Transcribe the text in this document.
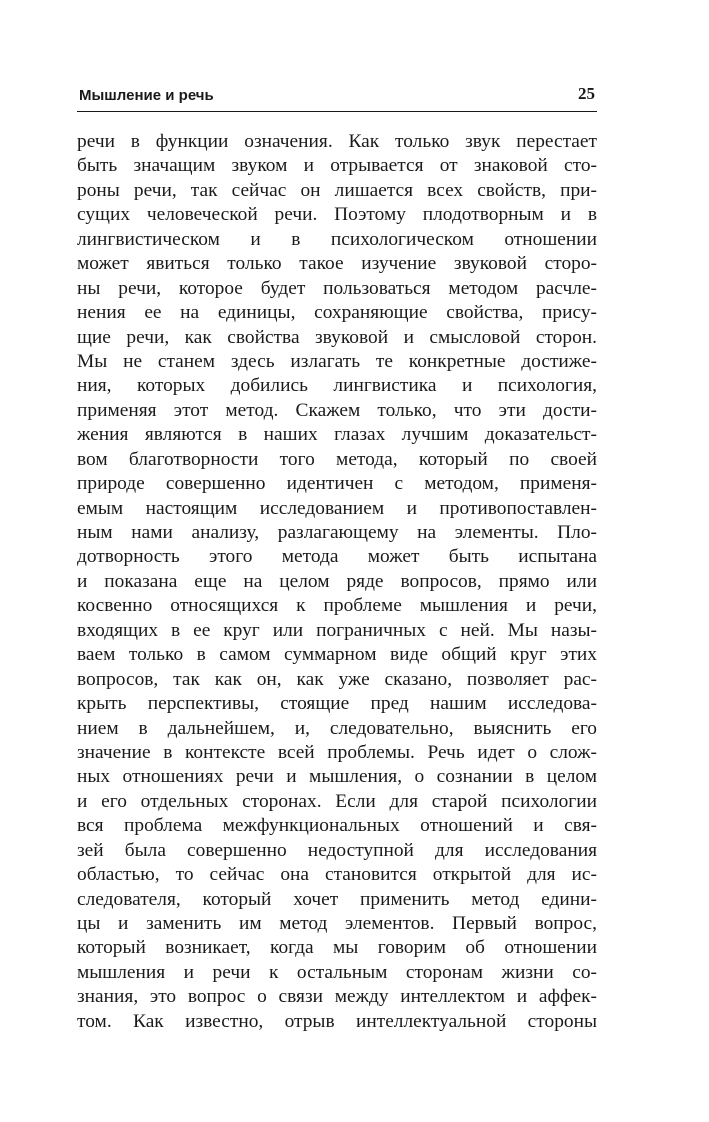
Мышление и речь	25
речи в функции означения. Как только звук перестает
быть значащим звуком и отрывается от знаковой сто-
роны речи, так сейчас он лишается всех свойств, при-
сущих человеческой речи. Поэтому плодотворным и в
лингвистическом и в психологическом отношении
может явиться только такое изучение звуковой сторо-
ны речи, которое будет пользоваться методом расчле-
нения ее на единицы, сохраняющие свойства, прису-
щие речи, как свойства звуковой и смысловой сторон.
Мы не станем здесь излагать те конкретные достиже-
ния, которых добились лингвистика и психология,
применяя этот метод. Скажем только, что эти дости-
жения являются в наших глазах лучшим доказательст-
вом благотворности того метода, который по своей
природе совершенно идентичен с методом, применя-
емым настоящим исследованием и противопоставлен-
ным нами анализу, разлагающему на элементы. Пло-
дотворность этого метода может быть испытана
и показана еще на целом ряде вопросов, прямо или
косвенно относящихся к проблеме мышления и речи,
входящих в ее круг или пограничных с ней. Мы назы-
ваем только в самом суммарном виде общий круг этих
вопросов, так как он, как уже сказано, позволяет рас-
крыть перспективы, стоящие пред нашим исследова-
нием в дальнейшем, и, следовательно, выяснить его
значение в контексте всей проблемы. Речь идет о слож-
ных отношениях речи и мышления, о сознании в целом
и его отдельных сторонах. Если для старой психологии
вся проблема межфункциональных отношений и свя-
зей была совершенно недоступной для исследования
областью, то сейчас она становится открытой для ис-
следователя, который хочет применить метод едини-
цы и заменить им метод элементов. Первый вопрос,
который возникает, когда мы говорим об отношении
мышления и речи к остальным сторонам жизни со-
знания, это вопрос о связи между интеллектом и аффек-
том. Как известно, отрыв интеллектуальной стороны
